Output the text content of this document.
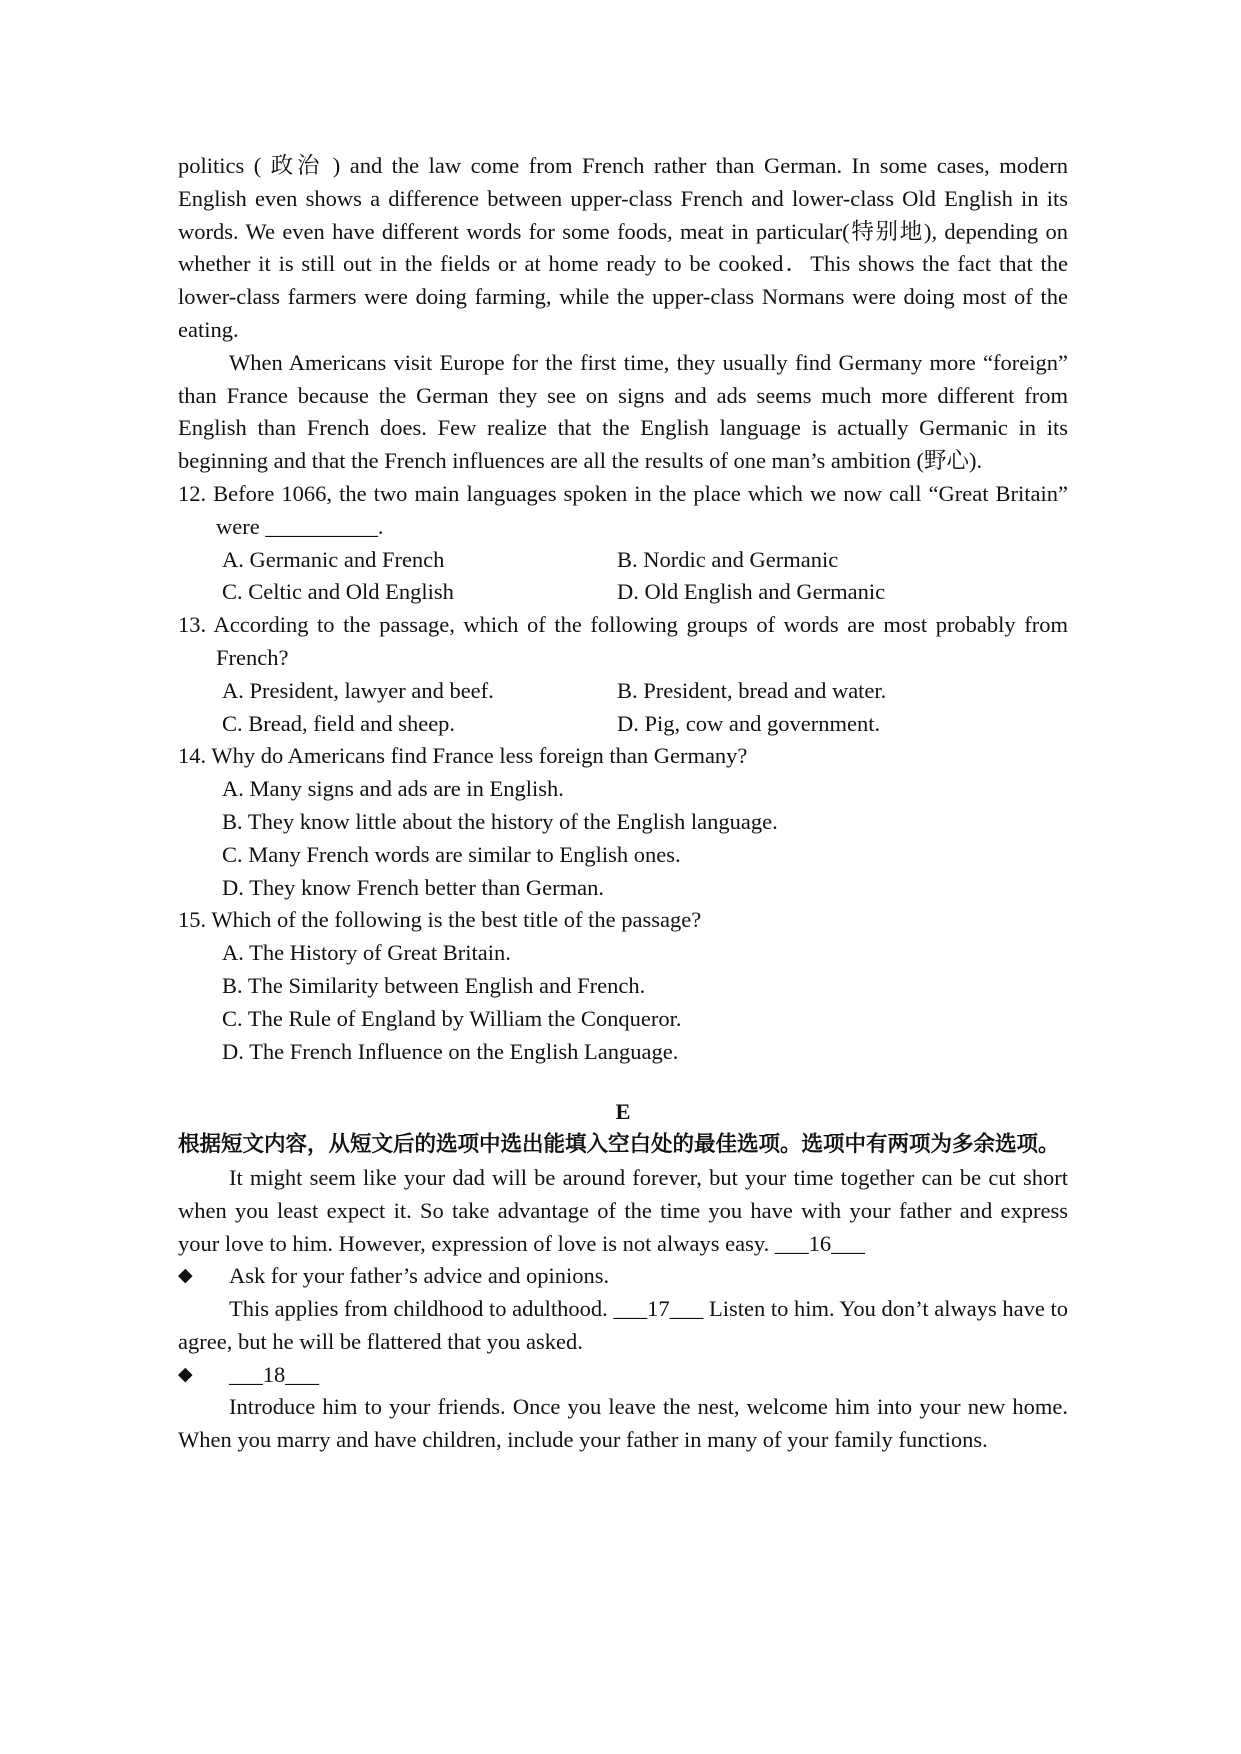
politics ( 政治 ) and the law come from French rather than German. In some cases, modern English even shows a difference between upper-class French and lower-class Old English in its words. We even have different words for some foods, meat in particular(特别地), depending on whether it is still out in the fields or at home ready to be cooked．This shows the fact that the lower-class farmers were doing farming, while the upper-class Normans were doing most of the eating.

When Americans visit Europe for the first time, they usually find Germany more “foreign” than France because the German they see on signs and ads seems much more different from English than French does. Few realize that the English language is actually Germanic in its beginning and that the French influences are all the results of one man’s ambition (野心).

12. Before 1066, the two main languages spoken in the place which we now call “Great Britain” were __________.

A. Germanic and French	B. Nordic and Germanic
C. Celtic and Old English	D. Old English and Germanic

13. According to the passage, which of the following groups of words are most probably from French?

A. President, lawyer and beef.	B. President, bread and water.
C. Bread, field and sheep.	D. Pig, cow and government.

14. Why do Americans find France less foreign than Germany?

A. Many signs and ads are in English.

B. They know little about the history of the English language.

C. Many French words are similar to English ones.

D. They know French better than German.

15. Which of the following is the best title of the passage?

A. The History of Great Britain.

B. The Similarity between English and French.

C. The Rule of England by William the Conqueror.

D. The French Influence on the English Language.

E

根据短文内容，从短文后的选项中选出能填入空白处的最佳选项。选项中有两项为多余选项。

It might seem like your dad will be around forever, but your time together can be cut short when you least expect it. So take advantage of the time you have with your father and express your love to him. However, expression of love is not always easy. ___16___

◆	Ask for your father’s advice and opinions.

This applies from childhood to adulthood. ___17___ Listen to him. You don’t always have to agree, but he will be flattered that you asked.

◆	___18___

Introduce him to your friends. Once you leave the nest, welcome him into your new home. When you marry and have children, include your father in many of your family functions.
